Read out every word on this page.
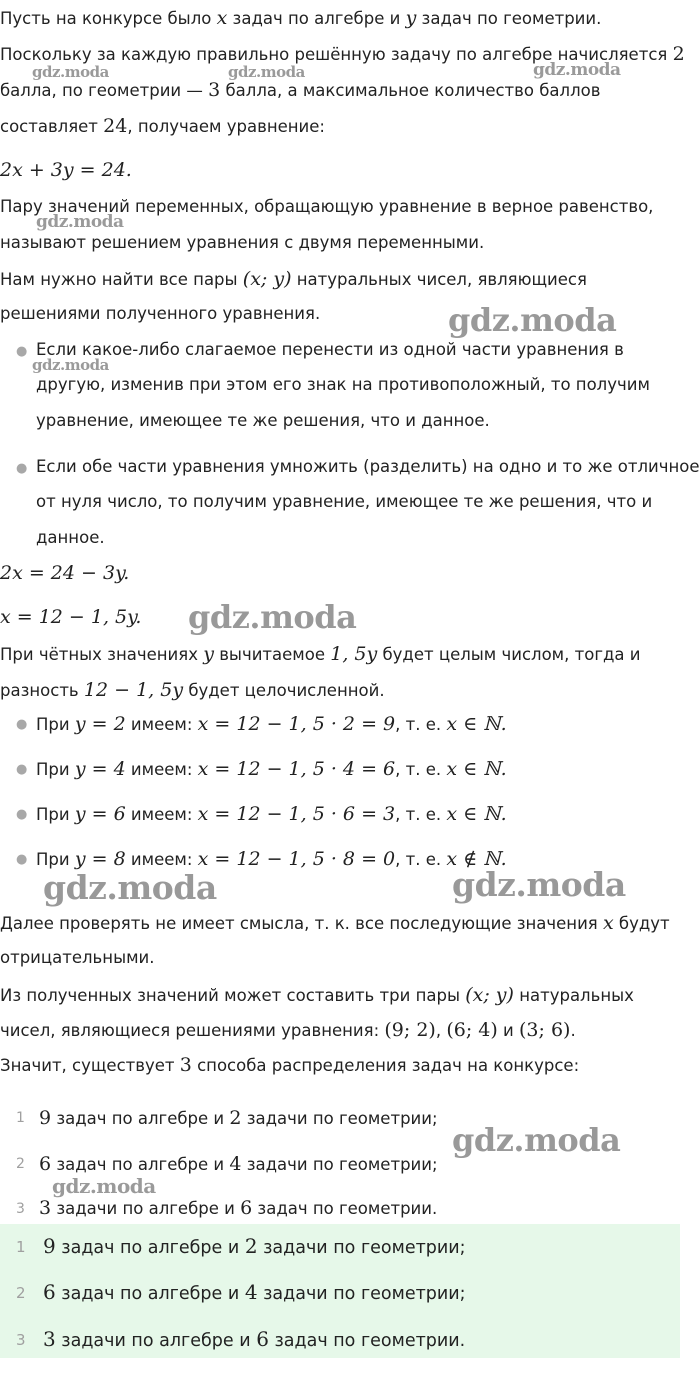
Пусть на конкурсе было x задач по алгебре и y задач по геометрии.
Поскольку за каждую правильно решённую задачу по алгебре начисляется 2
балла, по геометрии — 3 балла, а максимальное количество баллов
составляет 24, получаем уравнение:
2x + 3y = 24.
Пару значений переменных, обращающую уравнение в верное равенство,
называют решением уравнения с двумя переменными.
Нам нужно найти все пары (x; y) натуральных чисел, являющиеся
решениями полученного уравнения.
● Если какое-либо слагаемое перенести из одной части уравнения в
другую, изменив при этом его знак на противоположный, то получим
уравнение, имеющее те же решения, что и данное.
● Если обе части уравнения умножить (разделить) на одно и то же отличное
от нуля число, то получим уравнение, имеющее те же решения, что и
данное.
2x = 24 − 3y.
x = 12 − 1, 5y.
При чётных значениях y вычитаемое 1, 5y будет целым числом, тогда и
разность 12 − 1, 5y будет целочисленной.
● При y = 2 имеем: x = 12 − 1, 5 · 2 = 9, т. е. x ∈ ℕ.
● При y = 4 имеем: x = 12 − 1, 5 · 4 = 6, т. е. x ∈ ℕ.
● При y = 6 имеем: x = 12 − 1, 5 · 6 = 3, т. е. x ∈ ℕ.
● При y = 8 имеем: x = 12 − 1, 5 · 8 = 0, т. е. x ∉ ℕ.
Далее проверять не имеет смысла, т. к. все последующие значения x будут
отрицательными.
Из полученных значений может составить три пары (x; y) натуральных
чисел, являющиеся решениями уравнения: (9; 2), (6; 4) и (3; 6).
Значит, существует 3 способа распределения задач на конкурсе:
1 9 задач по алгебре и 2 задачи по геометрии;
2 6 задач по алгебре и 4 задачи по геометрии;
3 3 задачи по алгебре и 6 задач по геометрии.
1 9 задач по алгебре и 2 задачи по геометрии;
2 6 задач по алгебре и 4 задачи по геометрии;
3 3 задачи по алгебре и 6 задач по геометрии.
gdz.moda	gdz.moda	gdz.moda
gdz.moda
gdz.moda
gdz.moda
gdz.moda
gdz.moda	gdz.moda
gdz.moda
gdz.moda
